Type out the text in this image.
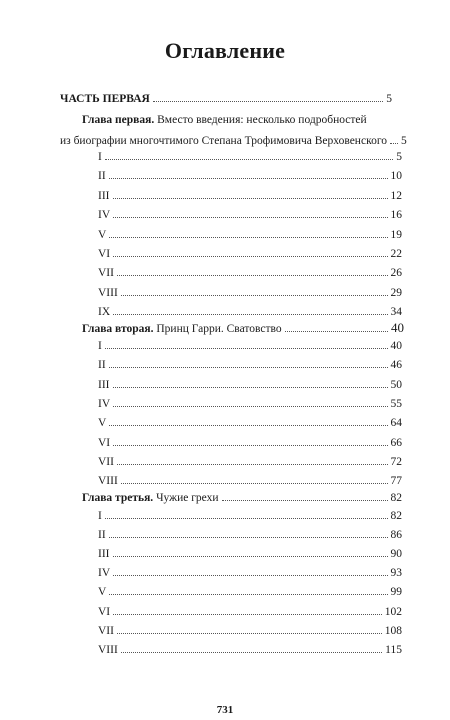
Оглавление
ЧАСТЬ ПЕРВАЯ	5
Глава первая. Вместо введения: несколько подробностей
из биографии многочтимого Степана Трофимовича Верховенского 5
I	5
II	10
III	12
IV	16
V	19
VI	22
VII	26
VIII	29
IX	34
Глава вторая. Принц Гарри. Сватовство	40
I	40
II	46
III	50
IV	55
V	64
VI	66
VII	72
VIII	77
Глава третья. Чужие грехи	82
I	82
II	86
III	90
IV	93
V	99
VI	102
VII	108
VIII	115
731
